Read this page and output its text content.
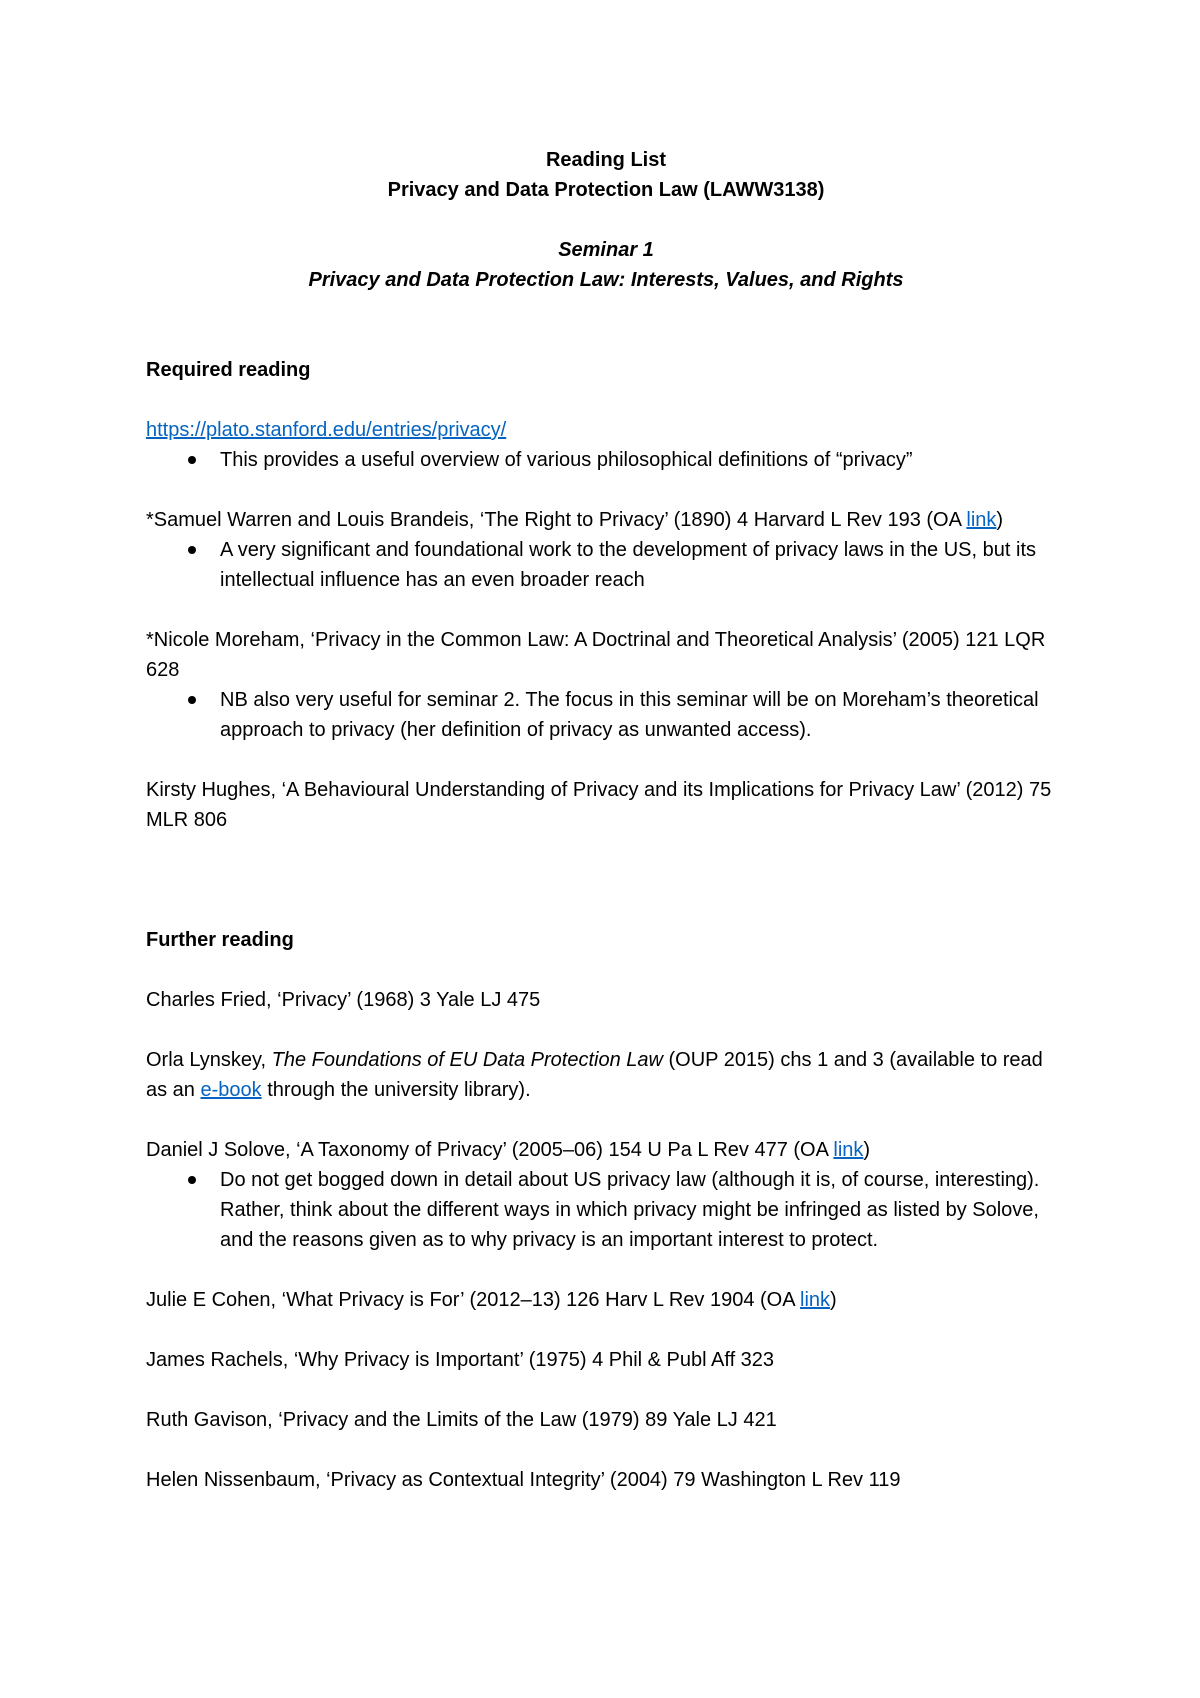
Reading List

Privacy and Data Protection Law (LAWW3138)

Seminar 1

Privacy and Data Protection Law: Interests, Values, and Rights

Required reading

https://plato.stanford.edu/entries/privacy/

This provides a useful overview of various philosophical definitions of “privacy”

*Samuel Warren and Louis Brandeis, ‘The Right to Privacy’ (1890) 4 Harvard L Rev 193 (OA link)

A very significant and foundational work to the development of privacy laws in the US, but its intellectual influence has an even broader reach

*Nicole Moreham, ‘Privacy in the Common Law: A Doctrinal and Theoretical Analysis’ (2005) 121 LQR 628

NB also very useful for seminar 2. The focus in this seminar will be on Moreham’s theoretical approach to privacy (her definition of privacy as unwanted access).

Kirsty Hughes, ‘A Behavioural Understanding of Privacy and its Implications for Privacy Law’ (2012) 75 MLR 806

Further reading

Charles Fried, ‘Privacy’ (1968) 3 Yale LJ 475

Orla Lynskey, The Foundations of EU Data Protection Law (OUP 2015) chs 1 and 3 (available to read as an e-book through the university library).

Daniel J Solove, ‘A Taxonomy of Privacy’ (2005–06) 154 U Pa L Rev 477 (OA link)

Do not get bogged down in detail about US privacy law (although it is, of course, interesting). Rather, think about the different ways in which privacy might be infringed as listed by Solove, and the reasons given as to why privacy is an important interest to protect.

Julie E Cohen, ‘What Privacy is For’ (2012–13) 126 Harv L Rev 1904 (OA link)

James Rachels, ‘Why Privacy is Important’ (1975) 4 Phil & Publ Aff 323

Ruth Gavison, ‘Privacy and the Limits of the Law (1979) 89 Yale LJ 421

Helen Nissenbaum, ‘Privacy as Contextual Integrity’ (2004) 79 Washington L Rev 119
